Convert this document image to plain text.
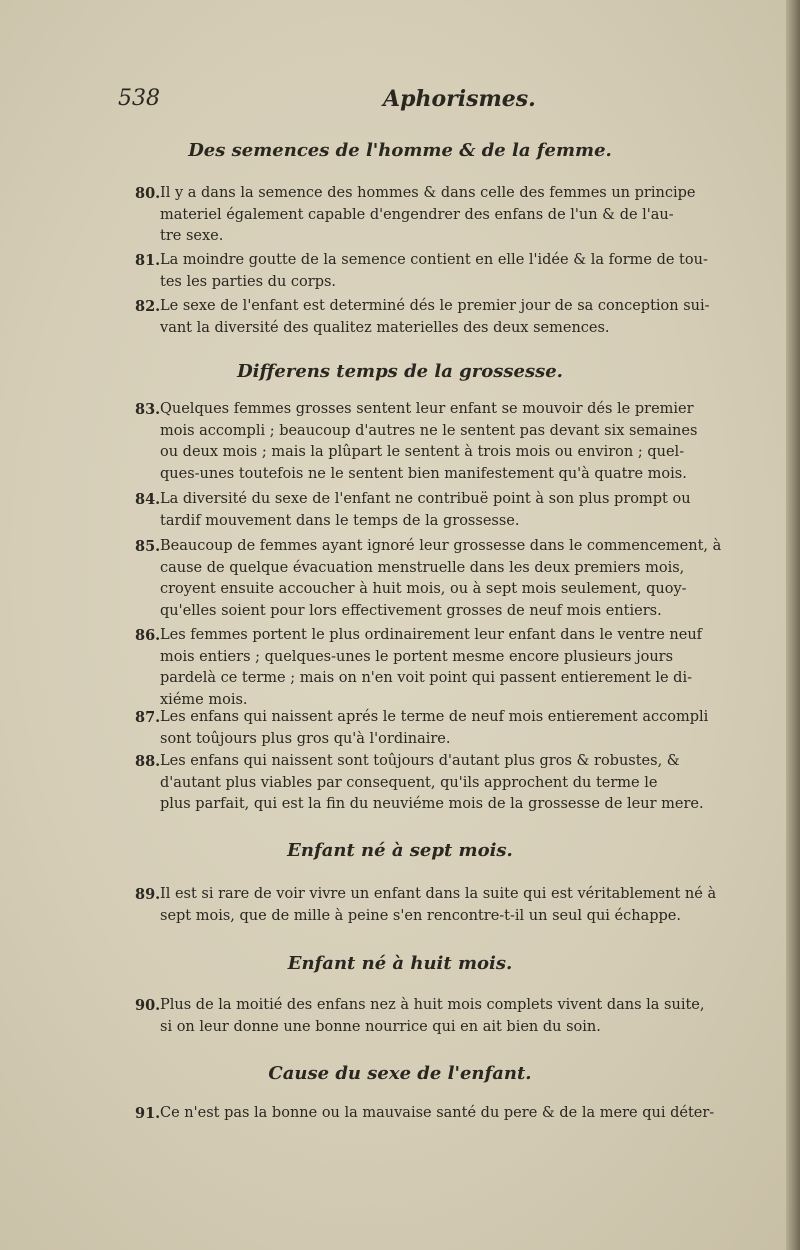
538	Aphorismes.
Des semences de l'homme & de la femme.
80. Il y a dans la semence des hommes & dans celle des femmes un principe
materiel également capable d'engendrer des enfans de l'un & de l'au-
tre sexe.
81. La moindre goutte de la semence contient en elle l'idée & la forme de tou-
tes les parties du corps.
82. Le sexe de l'enfant est determiné dés le premier jour de sa conception sui-
vant la diversité des qualitez materielles des deux semences.
Differens temps de la grossesse.
83. Quelques femmes grosses sentent leur enfant se mouvoir dés le premier
mois accompli ; beaucoup d'autres ne le sentent pas devant six semaines
ou deux mois ; mais la plûpart le sentent à trois mois ou environ ; quel-
ques-unes toutefois ne le sentent bien manifestement qu'à quatre mois.
84. La diversité du sexe de l'enfant ne contribuë point à son plus prompt ou
tardif mouvement dans le temps de la grossesse.
85. Beaucoup de femmes ayant ignoré leur grossesse dans le commencement, à
cause de quelque évacuation menstruelle dans les deux premiers mois,
croyent ensuite accoucher à huit mois, ou à sept mois seulement, quoy-
qu'elles soient pour lors effectivement grosses de neuf mois entiers.
86. Les femmes portent le plus ordinairement leur enfant dans le ventre neuf
mois entiers ; quelques-unes le portent mesme encore plusieurs jours
pardelà ce terme ; mais on n'en voit point qui passent entierement le di-
xiéme mois.
87. Les enfans qui naissent aprés le terme de neuf mois entierement accompli
sont toûjours plus gros qu'à l'ordinaire.
88. Les enfans qui naissent sont toûjours d'autant plus gros & robustes, &
d'autant plus viables par consequent, qu'ils approchent du terme le
plus parfait, qui est la fin du neuviéme mois de la grossesse de leur mere.
Enfant né à sept mois.
89. Il est si rare de voir vivre un enfant dans la suite qui est véritablement né à
sept mois, que de mille à peine s'en rencontre-t-il un seul qui échappe.
Enfant né à huit mois.
90. Plus de la moitié des enfans nez à huit mois complets vivent dans la suite,
si on leur donne une bonne nourrice qui en ait bien du soin.
Cause du sexe de l'enfant.
91. Ce n'est pas la bonne ou la mauvaise santé du pere & de la mere qui déter-
